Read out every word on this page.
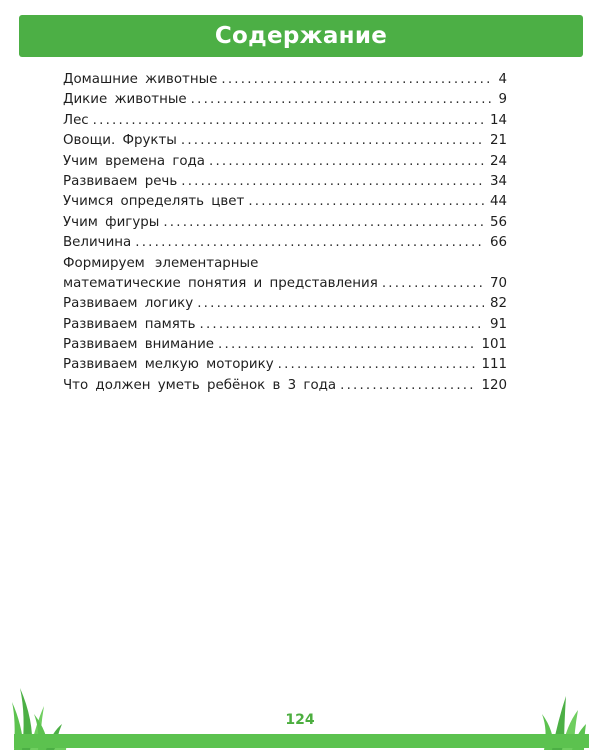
Содержание
Домашние животные .....	4
Дикие животные .....	9
Лес .....	14
Овощи. Фрукты .....	21
Учим времена года .....	24
Развиваем речь .....	34
Учимся определять цвет .....	44
Учим фигуры .....	56
Величина .....	66
Формируем элементарные
математические понятия и представления .....	70
Развиваем логику .....	82
Развиваем память .....	91
Развиваем внимание .....	101
Развиваем мелкую моторику .....	111
Что должен уметь ребёнок в 3 года .....	120
124
